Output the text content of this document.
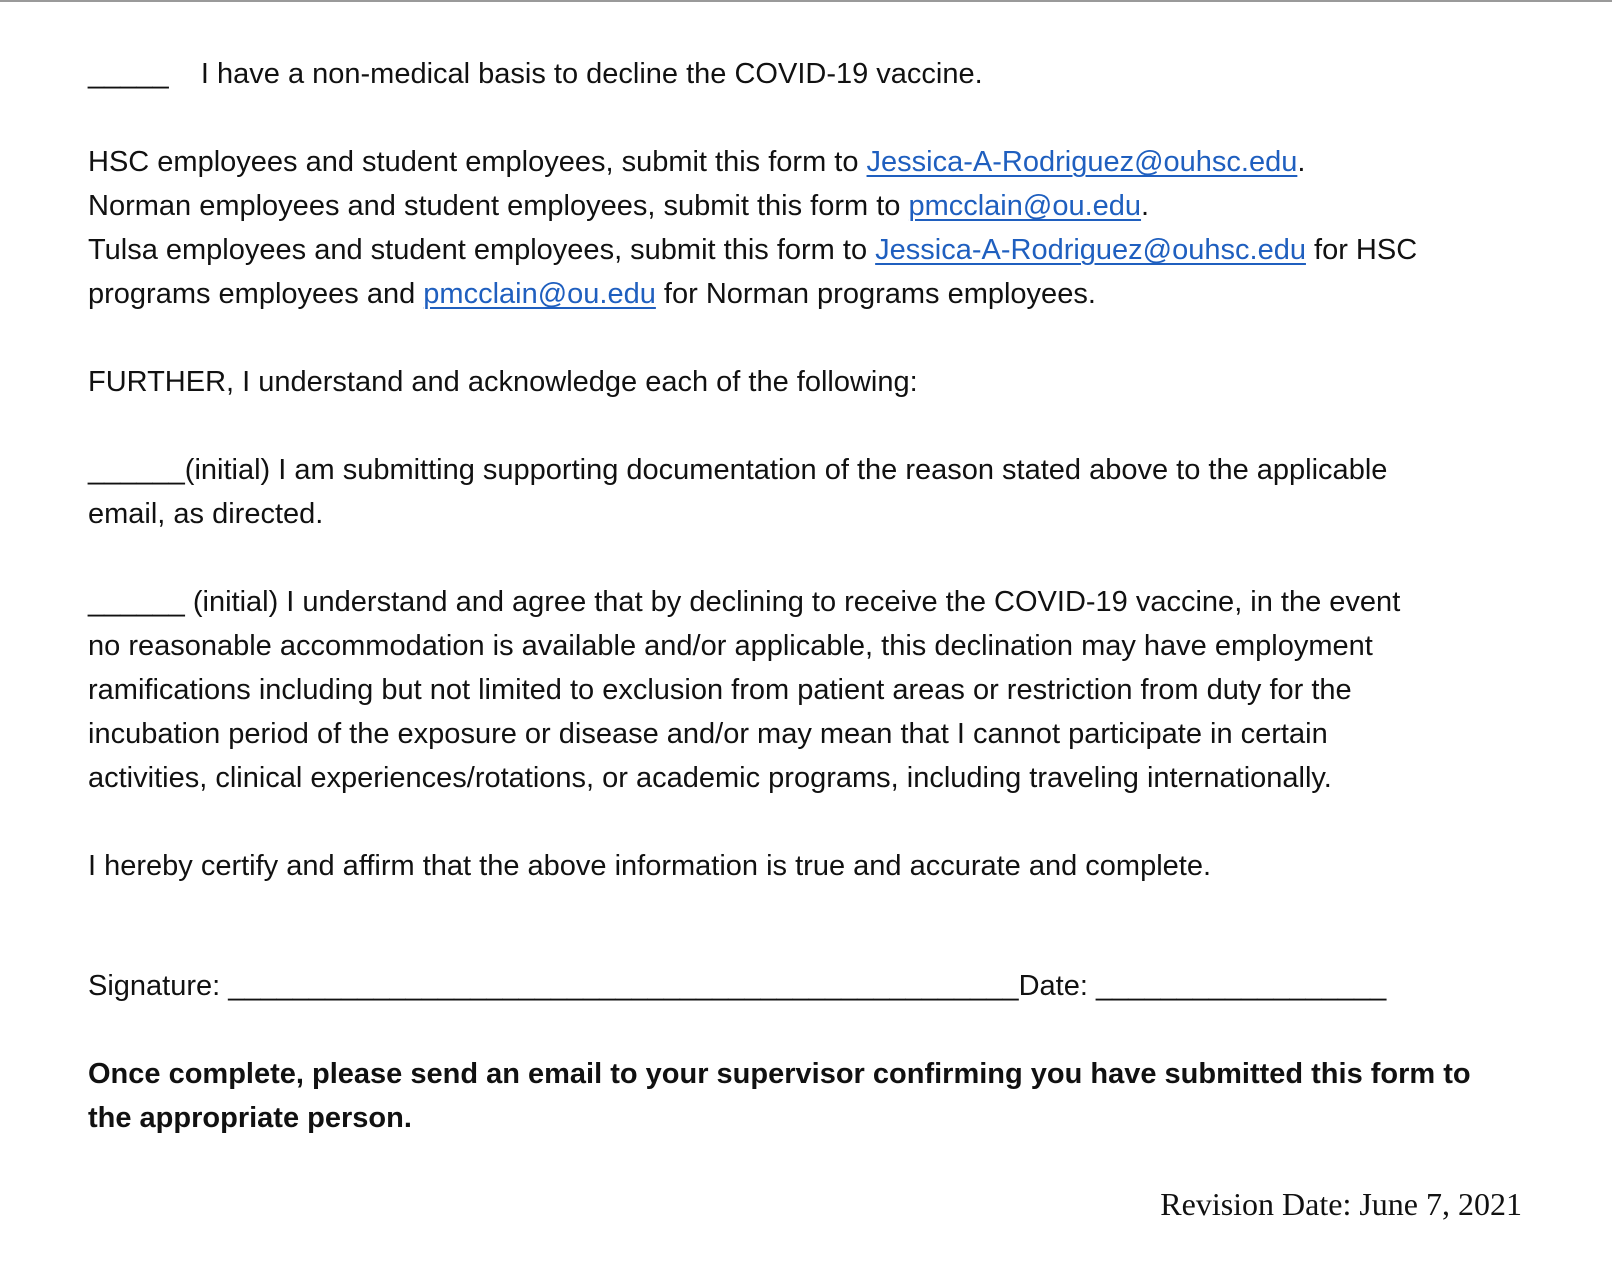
_____ I have a non-medical basis to decline the COVID-19 vaccine.
HSC employees and student employees, submit this form to Jessica-A-Rodriguez@ouhsc.edu.
Norman employees and student employees, submit this form to pmcclain@ou.edu.
Tulsa employees and student employees, submit this form to Jessica-A-Rodriguez@ouhsc.edu for HSC
programs employees and pmcclain@ou.edu for Norman programs employees.
FURTHER, I understand and acknowledge each of the following:
______(initial) I am submitting supporting documentation of the reason stated above to the applicable
email, as directed.
______ (initial) I understand and agree that by declining to receive the COVID-19 vaccine, in the event
no reasonable accommodation is available and/or applicable, this declination may have employment
ramifications including but not limited to exclusion from patient areas or restriction from duty for the
incubation period of the exposure or disease and/or may mean that I cannot participate in certain
activities, clinical experiences/rotations, or academic programs, including traveling internationally.
I hereby certify and affirm that the above information is true and accurate and complete.
Signature: _________________________________________________Date: __________________
Once complete, please send an email to your supervisor confirming you have submitted this form to
the appropriate person.
Revision Date: June 7, 2021
